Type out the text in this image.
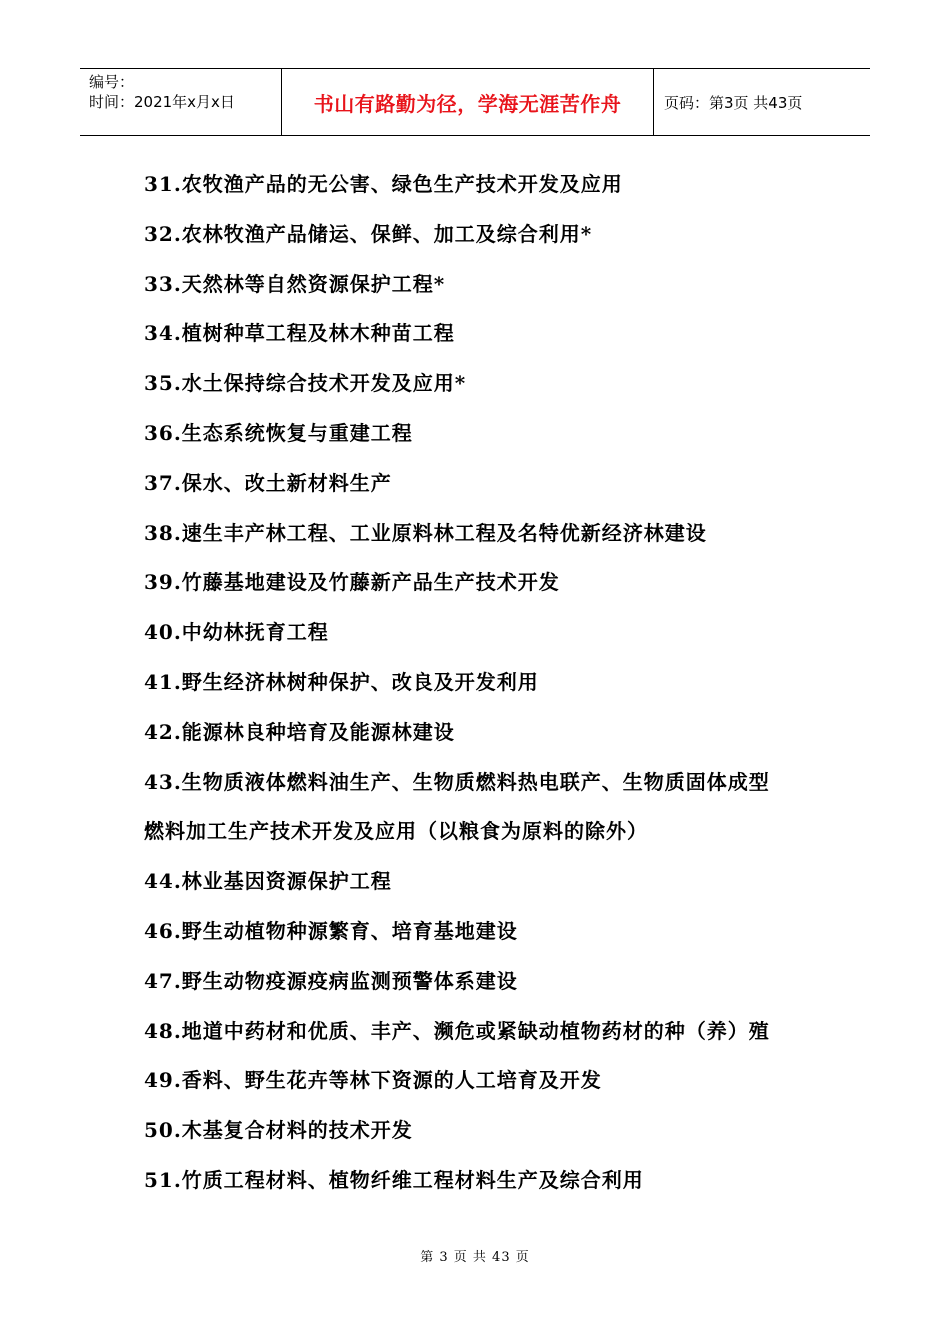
编号：
时间：2021年x月x日	书山有路勤为径，学海无涯苦作舟	页码：第3页 共43页
31.农牧渔产品的无公害、绿色生产技术开发及应用
32.农林牧渔产品储运、保鲜、加工及综合利用*
33.天然林等自然资源保护工程*
34.植树种草工程及林木种苗工程
35.水土保持综合技术开发及应用*
36.生态系统恢复与重建工程
37.保水、改土新材料生产
38.速生丰产林工程、工业原料林工程及名特优新经济林建设
39.竹藤基地建设及竹藤新产品生产技术开发
40.中幼林抚育工程
41.野生经济林树种保护、改良及开发利用
42.能源林良种培育及能源林建设
43.生物质液体燃料油生产、生物质燃料热电联产、生物质固体成型
燃料加工生产技术开发及应用（以粮食为原料的除外）
44.林业基因资源保护工程
46.野生动植物种源繁育、培育基地建设
47.野生动物疫源疫病监测预警体系建设
48.地道中药材和优质、丰产、濒危或紧缺动植物药材的种（养）殖
49.香料、野生花卉等林下资源的人工培育及开发
50.木基复合材料的技术开发
51.竹质工程材料、植物纤维工程材料生产及综合利用
第 3 页 共 43 页
